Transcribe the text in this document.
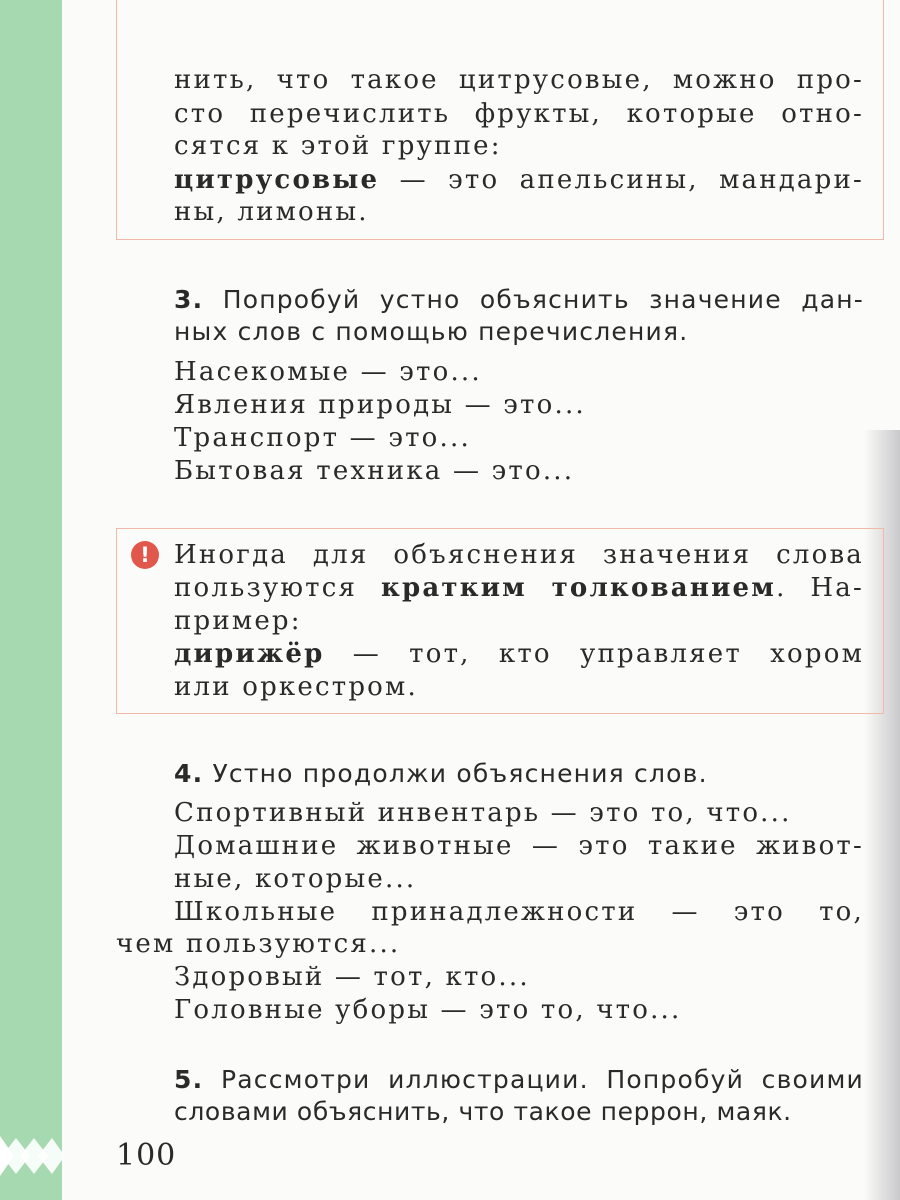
нить, что такое цитрусовые, можно про-
сто перечислить фрукты, которые отно-
сятся к этой группе:
цитрусовые — это апельсины, мандари-
ны, лимоны.
3. Попробуй устно объяснить значение дан-
ных слов с помощью перечисления.
Насекомые — это...
Явления природы — это...
Транспорт — это...
Бытовая техника — это...
! Иногда для объяснения значения слова
пользуются кратким толкованием. На-
пример:
дирижёр — тот, кто управляет хором
или оркестром.
4. Устно продолжи объяснения слов.
Спортивный инвентарь — это то, что...
Домашние животные — это такие живот-
ные, которые...
Школьные принадлежности — это то,
чем пользуются...
Здоровый — тот, кто...
Головные уборы — это то, что...
5. Рассмотри иллюстрации. Попробуй своими
словами объяснить, что такое перрон, маяк.
100
